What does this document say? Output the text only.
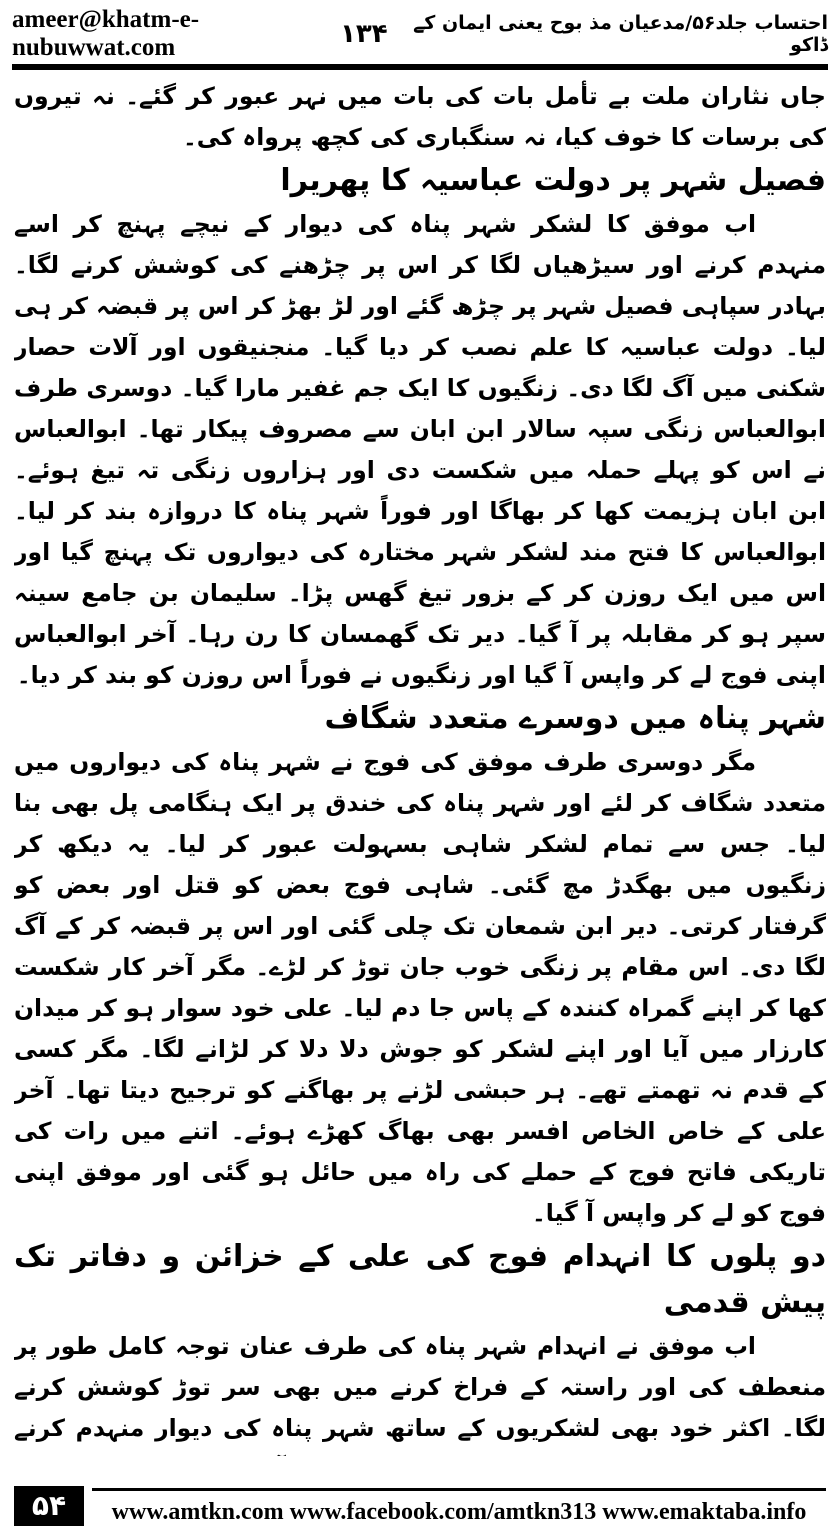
ameer@khatm-e-nubuwwat.com
احتساب جلد۵۶/مدعیان مذ بوح یعنی ایمان کے ڈاکو
۱۳۴

جاں نثاران ملت بے تأمل بات کی بات میں نہر عبور کر گئے۔ نہ تیروں کی برسات کا خوف کیا، نہ سنگباری کی کچھ پرواہ کی۔

فصیل شہر پر دولت عباسیہ کا پھریرا

اب موفق کا لشکر شہر پناہ کی دیوار کے نیچے پہنچ کر اسے منہدم کرنے اور سیڑھیاں لگا کر اس پر چڑھنے کی کوشش کرنے لگا۔ بہادر سپاہی فصیل شہر پر چڑھ گئے اور لڑ بھڑ کر اس پر قبضہ کر ہی لیا۔ دولت عباسیہ کا علم نصب کر دیا گیا۔ منجنیقوں اور آلات حصار شکنی میں آگ لگا دی۔ زنگیوں کا ایک جم غفیر مارا گیا۔ دوسری طرف ابوالعباس زنگی سپہ سالار ابن ابان سے مصروف پیکار تھا۔ ابوالعباس نے اس کو پہلے حملہ میں شکست دی اور ہزاروں زنگی تہ تیغ ہوئے۔ ابن ابان ہزیمت کھا کر بھاگا اور فوراً شہر پناہ کا دروازہ بند کر لیا۔ ابوالعباس کا فتح مند لشکر شہر مختارہ کی دیواروں تک پہنچ گیا اور اس میں ایک روزن کر کے بزور تیغ گھس پڑا۔ سلیمان بن جامع سینہ سپر ہو کر مقابلہ پر آ گیا۔ دیر تک گھمسان کا رن رہا۔ آخر ابوالعباس اپنی فوج لے کر واپس آ گیا اور زنگیوں نے فوراً اس روزن کو بند کر دیا۔

شہر پناہ میں دوسرے متعدد شگاف

مگر دوسری طرف موفق کی فوج نے شہر پناہ کی دیواروں میں متعدد شگاف کر لئے اور شہر پناہ کی خندق پر ایک ہنگامی پل بھی بنا لیا۔ جس سے تمام لشکر شاہی بسہولت عبور کر لیا۔ یہ دیکھ کر زنگیوں میں بھگدڑ مچ گئی۔ شاہی فوج بعض کو قتل اور بعض کو گرفتار کرتی۔ دیر ابن شمعان تک چلی گئی اور اس پر قبضہ کر کے آگ لگا دی۔ اس مقام پر زنگی خوب جان توڑ کر لڑے۔ مگر آخر کار شکست کھا کر اپنے گمراہ کنندہ کے پاس جا دم لیا۔ علی خود سوار ہو کر میدان کارزار میں آیا اور اپنے لشکر کو جوش دلا دلا کر لڑانے لگا۔ مگر کسی کے قدم نہ تھمتے تھے۔ ہر حبشی لڑنے پر بھاگنے کو ترجیح دیتا تھا۔ آخر علی کے خاص الخاص افسر بھی بھاگ کھڑے ہوئے۔ اتنے میں رات کی تاریکی فاتح فوج کے حملے کی راہ میں حائل ہو گئی اور موفق اپنی فوج کو لے کر واپس آ گیا۔

دو پلوں کا انہدام فوج کی علی کے خزائن و دفاتر تک پیش قدمی

اب موفق نے انہدام شہر پناہ کی طرف عنان توجہ کامل طور پر منعطف کی اور راستہ کے فراخ کرنے میں بھی سر توڑ کوشش کرنے لگا۔ اکثر خود بھی لشکریوں کے ساتھ شہر پناہ کی دیوار منہدم کرنے

۵۴	www.amtkn.com www.facebook.com/amtkn313 www.emaktaba.info
